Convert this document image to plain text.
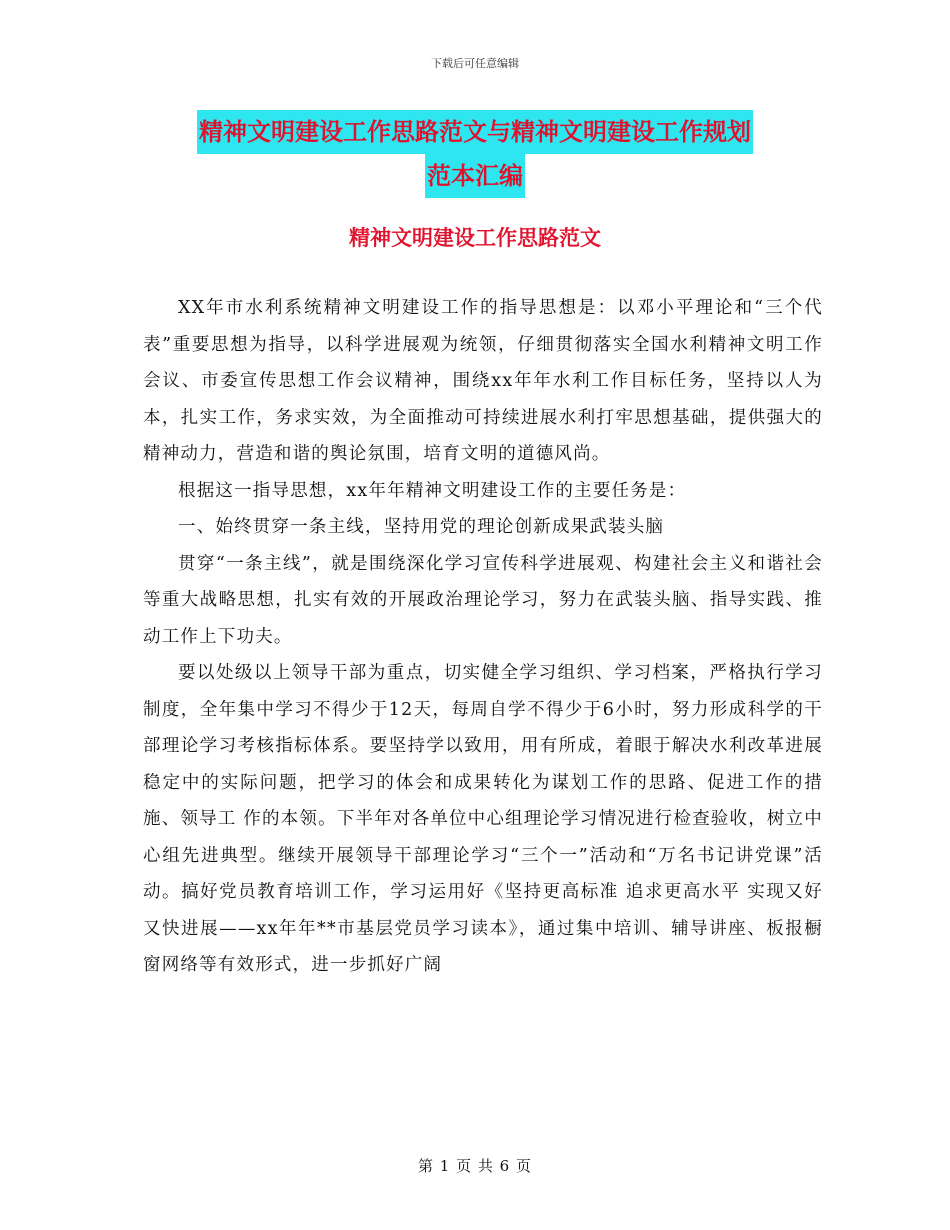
下载后可任意编辑
精神文明建设工作思路范文与精神文明建设工作规划
范本汇编
精神文明建设工作思路范文

XX年市水利系统精神文明建设工作的指导思想是：以邓小平理论和“三个代表”重要思想为指导，以科学进展观为统领，仔细贯彻落实全国水利精神文明工作会议、市委宣传思想工作会议精神，围绕xx年年水利工作目标任务，坚持以人为本，扎实工作，务求实效，为全面推动可持续进展水利打牢思想基础，提供强大的精神动力，营造和谐的舆论氛围，培育文明的道德风尚。

根据这一指导思想，xx年年精神文明建设工作的主要任务是：

一、始终贯穿一条主线，坚持用党的理论创新成果武装头脑

贯穿“一条主线”，就是围绕深化学习宣传科学进展观、构建社会主义和谐社会等重大战略思想，扎实有效的开展政治理论学习，努力在武装头脑、指导实践、推动工作上下功夫。

要以处级以上领导干部为重点，切实健全学习组织、学习档案，严格执行学习制度，全年集中学习不得少于12天，每周自学不得少于6小时，努力形成科学的干部理论学习考核指标体系。要坚持学以致用，用有所成，着眼于解决水利改革进展稳定中的实际问题，把学习的体会和成果转化为谋划工作的思路、促进工作的措施、领导工 作的本领。下半年对各单位中心组理论学习情况进行检查验收，树立中心组先进典型。继续开展领导干部理论学习“三个一”活动和“万名书记讲党课”活动。搞好党员教育培训工作，学习运用好《坚持更高标准 追求更高水平 实现又好又快进展——xx年年**市基层党员学习读本》，通过集中培训、辅导讲座、板报橱窗网络等有效形式，进一步抓好广阔

第 1 页 共 6 页
